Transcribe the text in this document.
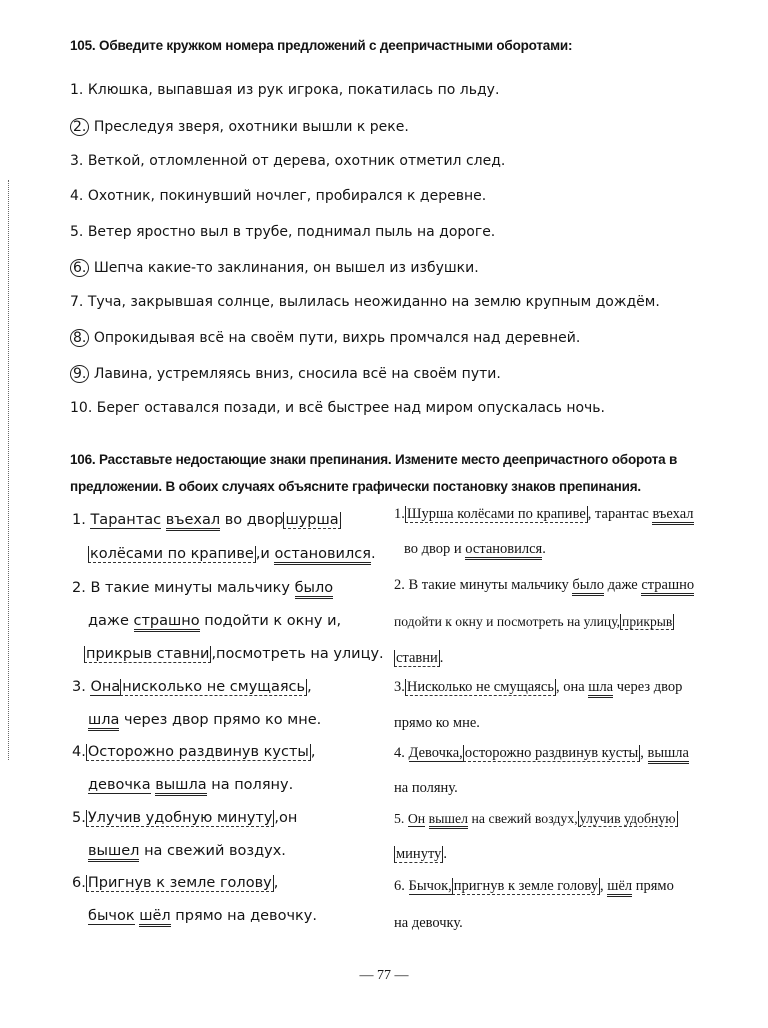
105. Обведите кружком номера предложений с деепричастными оборотами:
1. Клюшка, выпавшая из рук игрока, покатилась по льду.
2. Преследуя зверя, охотники вышли к реке.
3. Веткой, отломленной от дерева, охотник отметил след.
4. Охотник, покинувший ночлег, пробирался к деревне.
5. Ветер яростно выл в трубе, поднимал пыль на дороге.
6. Шепча какие-то заклинания, он вышел из избушки.
7. Туча, закрывшая солнце, вылилась неожиданно на землю крупным дождём.
8. Опрокидывая всё на своём пути, вихрь промчался над деревней.
9. Лавина, устремляясь вниз, сносила всё на своём пути.
10. Берег оставался позади, и всё быстрее над миром опускалась ночь.
106. Расставьте недостающие знаки препинания. Измените место деепричастного оборота в
предложении. В обоих случаях объясните графически постановку знаков препинания.
1. Тарантас въехал во двор шурша
колёсами по крапиве ,и остановился.
2. В такие минуты мальчику было
даже страшно подойти к окну и,
прикрыв ставни ,посмотреть на улицу.
3. Она нисколько не смущаясь ,
шла через двор прямо ко мне.
4. Осторожно раздвинув кусты ,
девочка вышла на поляну.
5. Улучив удобную минуту ,он
вышел на свежий воздух.
6. Пригнув к земле голову ,
бычок шёл прямо на девочку.
1. Шурша колёсами по крапиве , тарантас въехал
во двор и остановился.
2. В такие минуты мальчику было даже страшно
подойти к окну и посмотреть на улицу, прикрыв
ставни .
3. Нисколько не смущаясь , она шла через двор
прямо ко мне.
4. Девочка, осторожно раздвинув кусты , вышла
на поляну.
5. Он вышел на свежий воздух, улучив удобную
минуту .
6. Бычок, пригнув к земле голову , шёл прямо
на девочку.
— 77 —
